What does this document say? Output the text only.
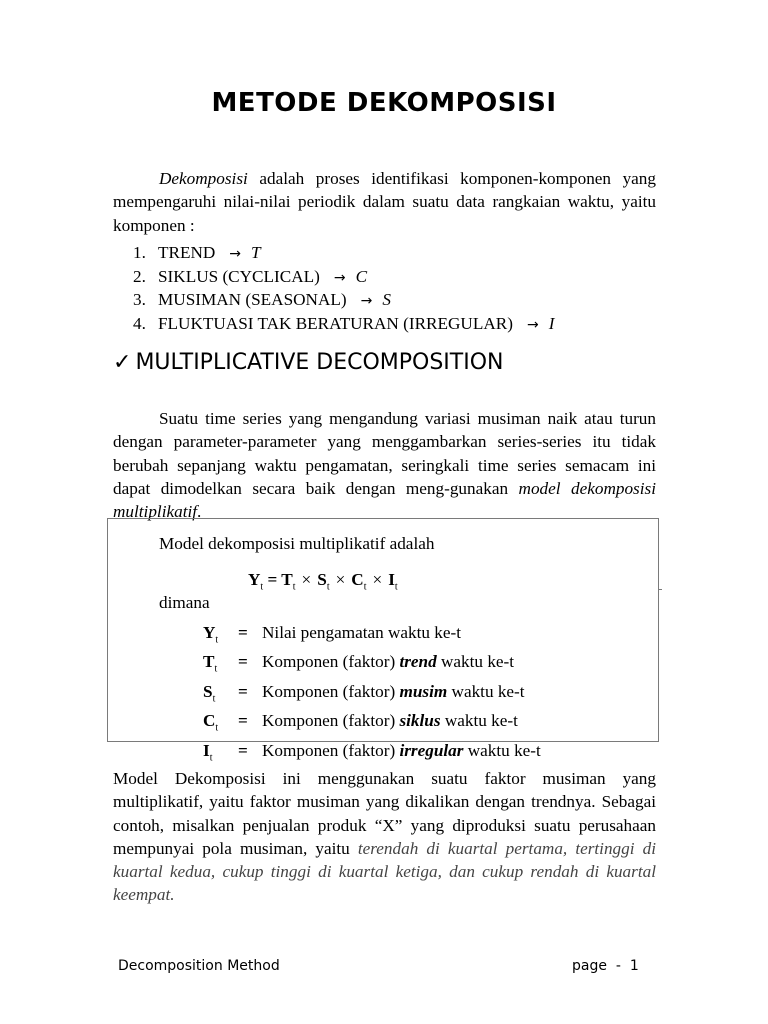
METODE DEKOMPOSISI
Dekomposisi adalah proses identifikasi komponen-komponen yang mempengaruhi nilai-nilai periodik dalam suatu data rangkaian waktu, yaitu komponen :
1. TREND → T
2. SIKLUS (CYCLICAL) → C
3. MUSIMAN (SEASONAL) → S
4. FLUKTUASI TAK BERATURAN (IRREGULAR) → I
✓ MULTIPLICATIVE DECOMPOSITION
Suatu time series yang mengandung variasi musiman naik atau turun dengan parameter-parameter yang menggambarkan series-series itu tidak berubah sepanjang waktu pengamatan, seringkali time series semacam ini dapat dimodelkan secara baik dengan meng-gunakan model dekomposisi multiplikatif.
Model dekomposisi multiplikatif adalah
$Y_t = T_t \times S_t \times C_t \times I_t$
dimana
$Y_t$	= Nilai pengamatan waktu ke-t
$T_t$	= Komponen (faktor) trend waktu ke-t
$S_t$	= Komponen (faktor) musim waktu ke-t
$C_t$	= Komponen (faktor) siklus waktu ke-t
$I_t$	= Komponen (faktor) irregular waktu ke-t
Model Dekomposisi ini menggunakan suatu faktor musiman yang multiplikatif, yaitu faktor musiman yang dikalikan dengan trendnya. Sebagai contoh, misalkan penjualan produk “X” yang diproduksi suatu perusahaan mempunyai pola musiman, yaitu terendah di kuartal pertama, tertinggi di kuartal kedua, cukup tinggi di kuartal ketiga, dan cukup rendah di kuartal keempat.
Decomposition Method	page  -  1
